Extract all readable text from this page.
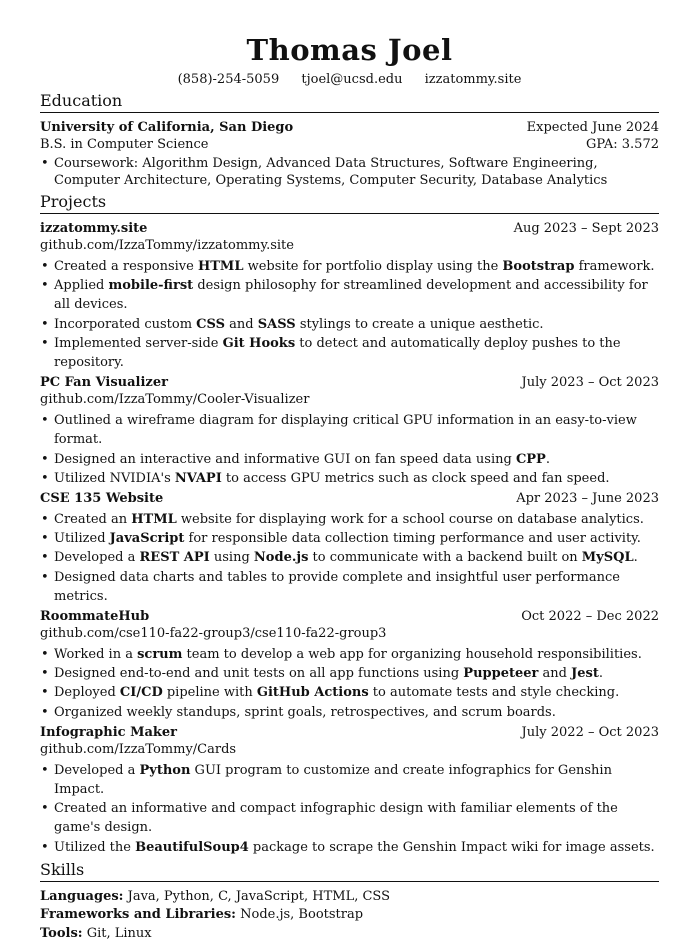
Thomas Joel
(858)-254-5059 tjoel@ucsd.edu izzatommy.site
Education
University of California, San Diego	Expected June 2024
B.S. in Computer Science	GPA: 3.572
• Coursework: Algorithm Design, Advanced Data Structures, Software Engineering, Computer Architecture, Operating Systems, Computer Security, Database Analytics
Projects
izzatommy.site	Aug 2023 – Sept 2023
github.com/IzzaTommy/izzatommy.site
• Created a responsive HTML website for portfolio display using the Bootstrap framework.
• Applied mobile-first design philosophy for streamlined development and accessibility for all devices.
• Incorporated custom CSS and SASS stylings to create a unique aesthetic.
• Implemented server-side Git Hooks to detect and automatically deploy pushes to the repository.
PC Fan Visualizer	July 2023 – Oct 2023
github.com/IzzaTommy/Cooler-Visualizer
• Outlined a wireframe diagram for displaying critical GPU information in an easy-to-view format.
• Designed an interactive and informative GUI on fan speed data using CPP.
• Utilized NVIDIA's NVAPI to access GPU metrics such as clock speed and fan speed.
CSE 135 Website	Apr 2023 – June 2023
• Created an HTML website for displaying work for a school course on database analytics.
• Utilized JavaScript for responsible data collection timing performance and user activity.
• Developed a REST API using Node.js to communicate with a backend built on MySQL.
• Designed data charts and tables to provide complete and insightful user performance metrics.
RoommateHub	Oct 2022 – Dec 2022
github.com/cse110-fa22-group3/cse110-fa22-group3
• Worked in a scrum team to develop a web app for organizing household responsibilities.
• Designed end-to-end and unit tests on all app functions using Puppeteer and Jest.
• Deployed CI/CD pipeline with GitHub Actions to automate tests and style checking.
• Organized weekly standups, sprint goals, retrospectives, and scrum boards.
Infographic Maker	July 2022 – Oct 2023
github.com/IzzaTommy/Cards
• Developed a Python GUI program to customize and create infographics for Genshin Impact.
• Created an informative and compact infographic design with familiar elements of the game's design.
• Utilized the BeautifulSoup4 package to scrape the Genshin Impact wiki for image assets.
Skills
Languages: Java, Python, C, JavaScript, HTML, CSS
Frameworks and Libraries: Node.js, Bootstrap
Tools: Git, Linux
